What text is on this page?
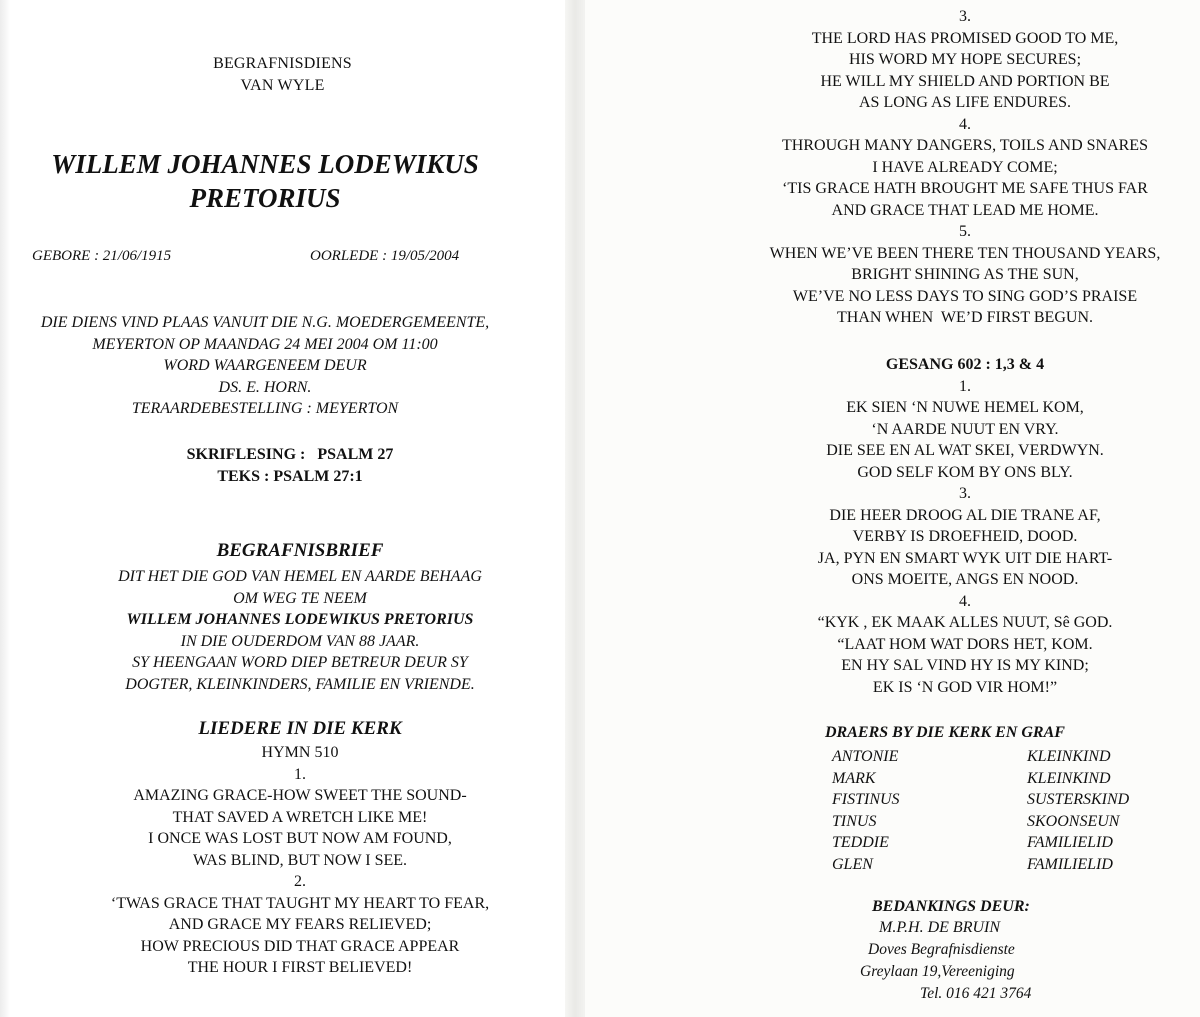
BEGRAFNISDIENS
VAN WYLE
WILLEM JOHANNES LODEWIKUS
PRETORIUS
GEBORE : 21/06/1915	OORLEDE : 19/05/2004
DIE DIENS VIND PLAAS VANUIT DIE N.G. MOEDERGEMEENTE,
MEYERTON OP MAANDAG 24 MEI 2004 OM 11:00
WORD WAARGENEEM DEUR
DS. E. HORN.
TERAARDEBESTELLING : MEYERTON
SKRIFLESING :   PSALM 27
TEKS : PSALM 27:1
BEGRAFNISBRIEF
DIT HET DIE GOD VAN HEMEL EN AARDE BEHAAG
OM WEG TE NEEM
WILLEM JOHANNES LODEWIKUS PRETORIUS
IN DIE OUDERDOM VAN 88 JAAR.
SY HEENGAAN WORD DIEP BETREUR DEUR SY
DOGTER, KLEINKINDERS, FAMILIE EN VRIENDE.
LIEDERE IN DIE KERK
HYMN 510
1.
AMAZING GRACE-HOW SWEET THE SOUND-
THAT SAVED A WRETCH LIKE ME!
I ONCE WAS LOST BUT NOW AM FOUND,
WAS BLIND, BUT NOW I SEE.
2.
‘TWAS GRACE THAT TAUGHT MY HEART TO FEAR,
AND GRACE MY FEARS RELIEVED;
HOW PRECIOUS DID THAT GRACE APPEAR
THE HOUR I FIRST BELIEVED!
3.
THE LORD HAS PROMISED GOOD TO ME,
HIS WORD MY HOPE SECURES;
HE WILL MY SHIELD AND PORTION BE
AS LONG AS LIFE ENDURES.
4.
THROUGH MANY DANGERS, TOILS AND SNARES
I HAVE ALREADY COME;
‘TIS GRACE HATH BROUGHT ME SAFE THUS FAR
AND GRACE THAT LEAD ME HOME.
5.
WHEN WE’VE BEEN THERE TEN THOUSAND YEARS,
BRIGHT SHINING AS THE SUN,
WE’VE NO LESS DAYS TO SING GOD’S PRAISE
THAN WHEN  WE’D FIRST BEGUN.
GESANG 602 : 1,3 & 4
1.
EK SIEN ‘N NUWE HEMEL KOM,
‘N AARDE NUUT EN VRY.
DIE SEE EN AL WAT SKEI, VERDWYN.
GOD SELF KOM BY ONS BLY.
3.
DIE HEER DROOG AL DIE TRANE AF,
VERBY IS DROEFHEID, DOOD.
JA, PYN EN SMART WYK UIT DIE HART-
ONS MOEITE, ANGS EN NOOD.
4.
“KYK , EK MAAK ALLES NUUT, Sê GOD.
“LAAT HOM WAT DORS HET, KOM.
EN HY SAL VIND HY IS MY KIND;
EK IS ‘N GOD VIR HOM!”
DRAERS BY DIE KERK EN GRAF
ANTONIE	KLEINKIND
MARK	KLEINKIND
FISTINUS	SUSTERSKIND
TINUS	SKOONSEUN
TEDDIE	FAMILIELID
GLEN	FAMILIELID
BEDANKINGS DEUR:
M.P.H. DE BRUIN
Doves Begrafnisdienste
Greylaan 19,Vereeniging
Tel. 016 421 3764
